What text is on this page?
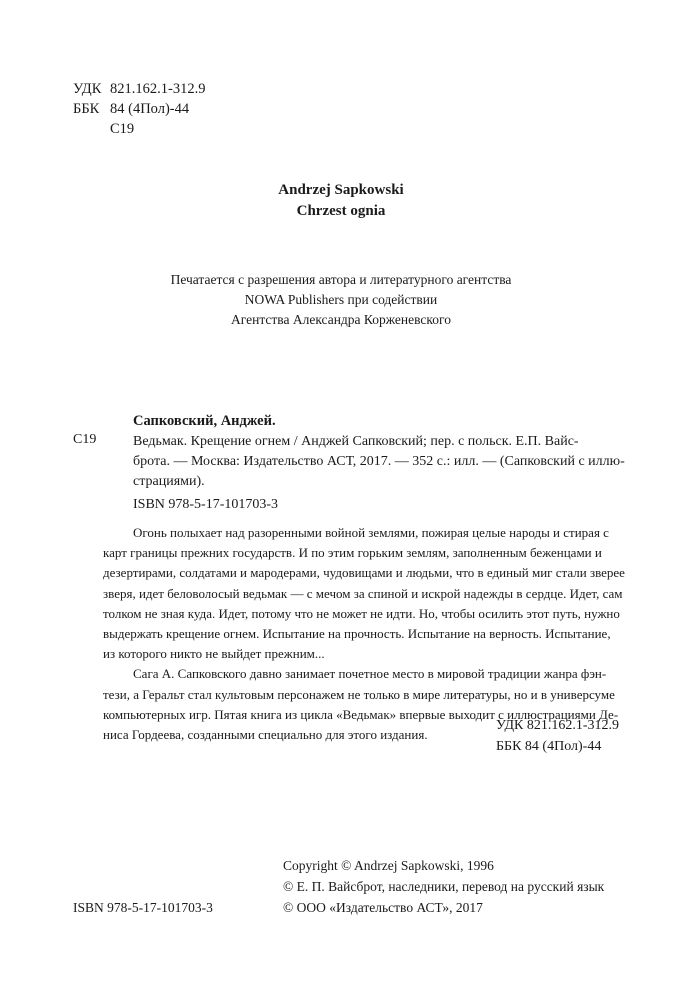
УДК 821.162.1-312.9
ББК 84 (4Пол)-44
С19
Andrzej Sapkowski
Chrzest ognia
Печатается с разрешения автора и литературного агентства
NOWA Publishers при содействии
Агентства Александра Корженевского
Сапковский, Анджей.
С19	Ведьмак. Крещение огнем / Анджей Сапковский; пер. с польск. Е.П. Вайс-
брота. — Москва: Издательство АСТ, 2017. — 352 с.: илл. — (Сапковский с иллю-
страциями).
ISBN 978-5-17-101703-3
Огонь полыхает над разоренными войной землями, пожирая целые народы и стирая с
карт границы прежних государств. И по этим горьким землям, заполненным беженцами и
дезертирами, солдатами и мародерами, чудовищами и людьми, что в единый миг стали зверее
зверя, идет беловолосый ведьмак — с мечом за спиной и искрой надежды в сердце. Идет, сам
толком не зная куда. Идет, потому что не может не идти. Но, чтобы осилить этот путь, нужно
выдержать крещение огнем. Испытание на прочность. Испытание на верность. Испытание,
из которого никто не выйдет прежним...
Сага А. Сапковского давно занимает почетное место в мировой традиции жанра фэн-
тези, а Геральт стал культовым персонажем не только в мире литературы, но и в универсуме
компьютерных игр. Пятая книга из цикла «Ведьмак» впервые выходит с иллюстрациями Де-
ниса Гордеева, созданными специально для этого издания.
УДК 821.162.1-312.9
ББК 84 (4Пол)-44
Copyright © Andrzej Sapkowski, 1996
© Е. П. Вайсброт, наследники, перевод на русский язык
© ООО «Издательство АСТ», 2017
ISBN 978-5-17-101703-3
